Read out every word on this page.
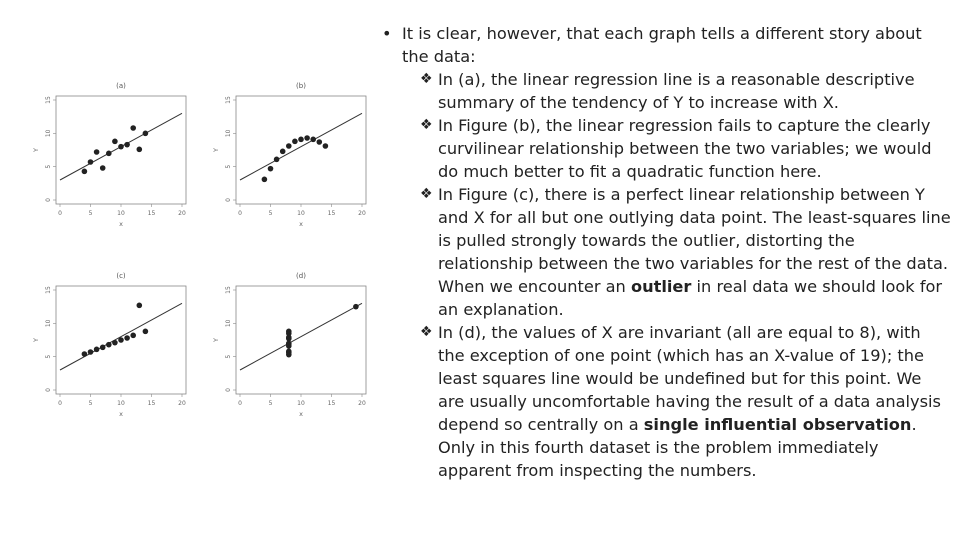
(a)
0	5	10	15	20
0
5
10
15
x
Y
(b)
0	5	10	15	20
0
5
10
15
x
Y
(c)
0	5	10	15	20
0
5
10
15
x
Y
(d)
0	5	10	15	20
0
5
10
15
x
Y
• It is clear, however, that each graph tells a different story about the data:
❖ In (a), the linear regression line is a reasonable descriptive summary of the tendency of Y to increase with X.
❖ In Figure (b), the linear regression fails to capture the clearly curvilinear relationship between the two variables; we would do much better to fit a quadratic function here.
❖ In Figure (c), there is a perfect linear relationship between Y and X for all but one outlying data point. The least-squares line is pulled strongly towards the outlier, distorting the relationship between the two variables for the rest of the data. When we encounter an outlier in real data we should look for an explanation.
❖ In (d), the values of X are invariant (all are equal to 8), with the exception of one point (which has an X-value of 19); the least squares line would be undefined but for this point. We are usually uncomfortable having the result of a data analysis depend so centrally on a single influential observation. Only in this fourth dataset is the problem immediately apparent from inspecting the numbers.
